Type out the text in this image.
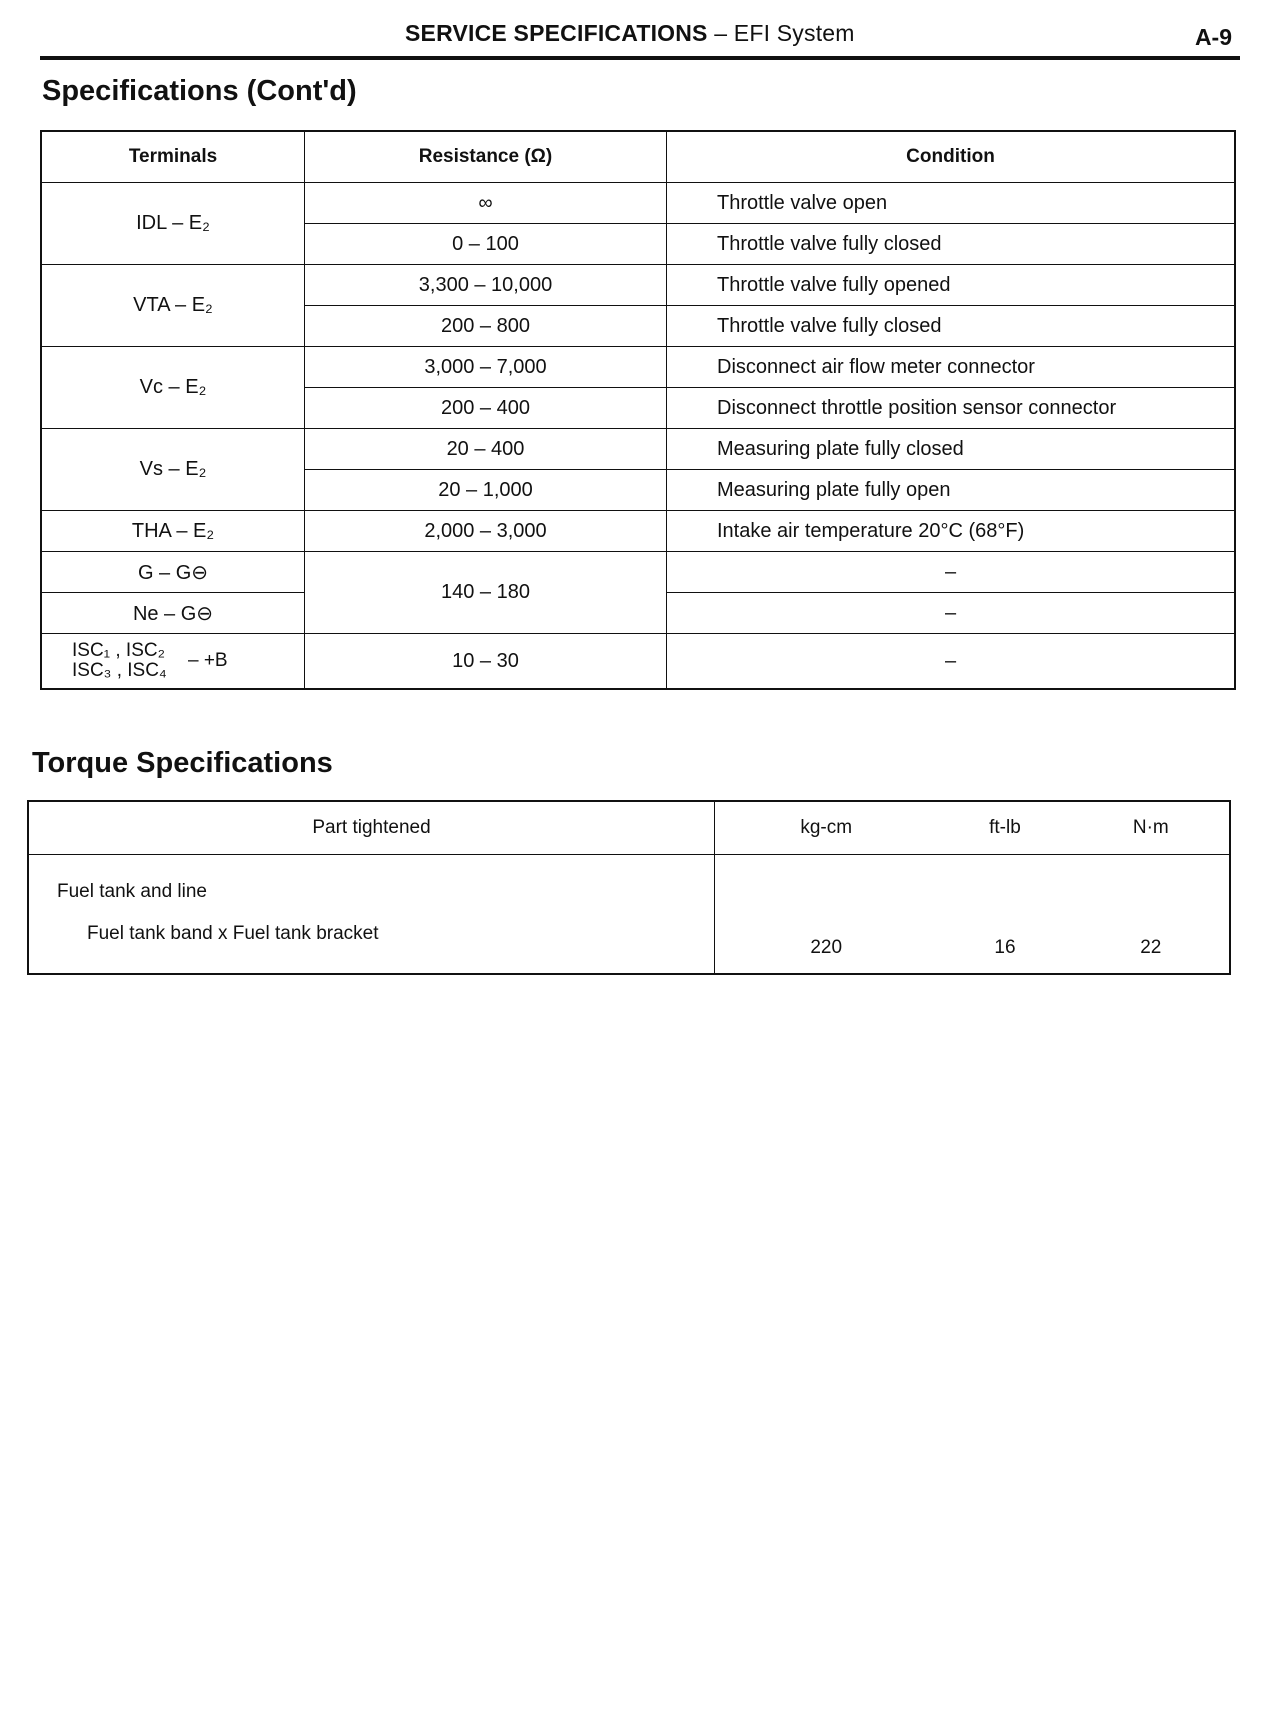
SERVICE SPECIFICATIONS – EFI System	A-9
Specifications (Cont'd)
Terminals	Resistance (Ω)	Condition
IDL – E₂	∞	Throttle valve open
	0 – 100	Throttle valve fully closed
VTA – E₂	3,300 – 10,000	Throttle valve fully opened
	200 – 800	Throttle valve fully closed
Vc – E₂	3,000 – 7,000	Disconnect air flow meter connector
	200 – 400	Disconnect throttle position sensor connector
Vs – E₂	20 – 400	Measuring plate fully closed
	20 – 1,000	Measuring plate fully open
THA – E₂	2,000 – 3,000	Intake air temperature 20°C (68°F)
G – G⊖	140 – 180	–
Ne – G⊖		–
ISC₁ , ISC₂
ISC₃ , ISC₄ – +B	10 – 30	–
Torque Specifications
Part tightened	kg-cm	ft-lb	N·m
Fuel tank and line
Fuel tank band x Fuel tank bracket	220	16	22
